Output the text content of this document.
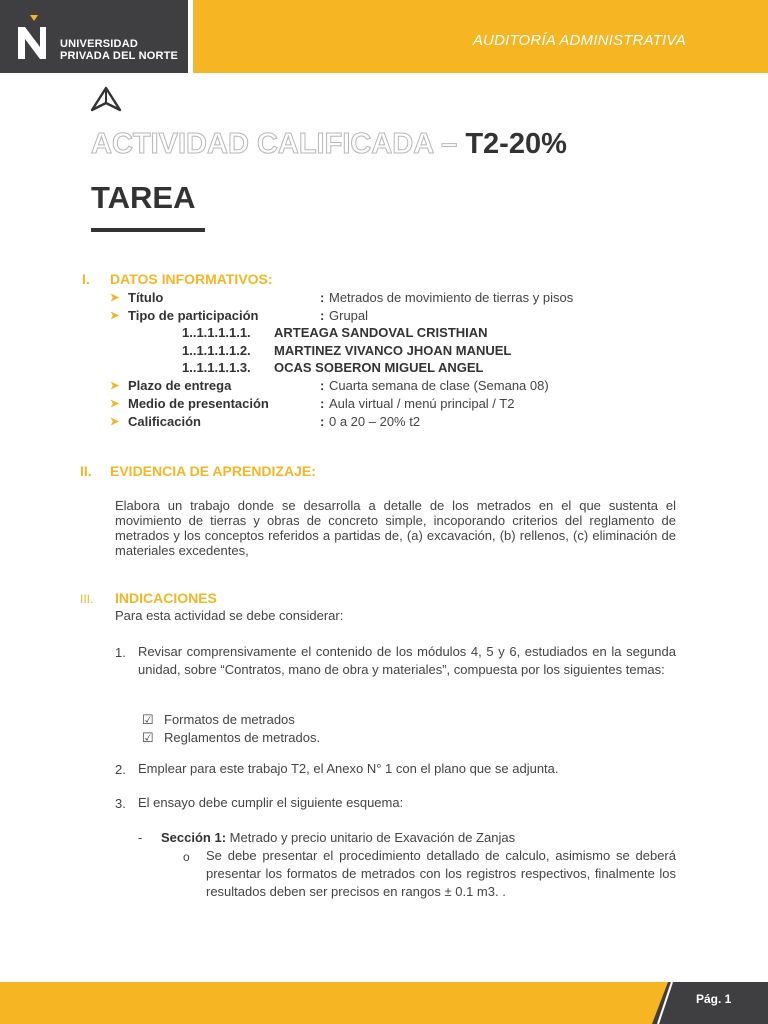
UNIVERSIDAD
PRIVADA DEL NORTE
AUDITORÍA ADMINISTRATIVA
ACTIVIDAD CALIFICADA – T2-20%
TAREA
I. DATOS INFORMATIVOS:
➤ Título	: Metrados de movimiento de tierras y pisos
➤ Tipo de participación	: Grupal
1..1.1.1.1.1. ARTEAGA SANDOVAL CRISTHIAN
1..1.1.1.1.2. MARTINEZ VIVANCO JHOAN MANUEL
1..1.1.1.1.3. OCAS SOBERON MIGUEL ANGEL
➤ Plazo de entrega	: Cuarta semana de clase (Semana 08)
➤ Medio de presentación	: Aula virtual / menú principal / T2
➤ Calificación	: 0 a 20 – 20% t2
II. EVIDENCIA DE APRENDIZAJE:
Elabora un trabajo donde se desarrolla a detalle de los metrados en el que sustenta el movimiento de tierras y obras de concreto simple, incoporando criterios del reglamento de metrados y los conceptos referidos a partidas de, (a) excavación, (b) rellenos, (c) eliminación de materiales excedentes,
III. INDICACIONES
Para esta actividad se debe considerar:
1. Revisar comprensivamente el contenido de los módulos 4, 5 y 6, estudiados en la segunda unidad, sobre “Contratos, mano de obra y materiales”, compuesta por los siguientes temas:
☑ Formatos de metrados
☑ Reglamentos de metrados.
2. Emplear para este trabajo T2, el Anexo N° 1 con el plano que se adjunta.
3. El ensayo debe cumplir el siguiente esquema:
- Sección 1: Metrado y precio unitario de Exavación de Zanjas
o Se debe presentar el procedimiento detallado de calculo, asimismo se deberá presentar los formatos de metrados con los registros respectivos, finalmente los resultados deben ser precisos en rangos ± 0.1 m3. .
Pág. 1
